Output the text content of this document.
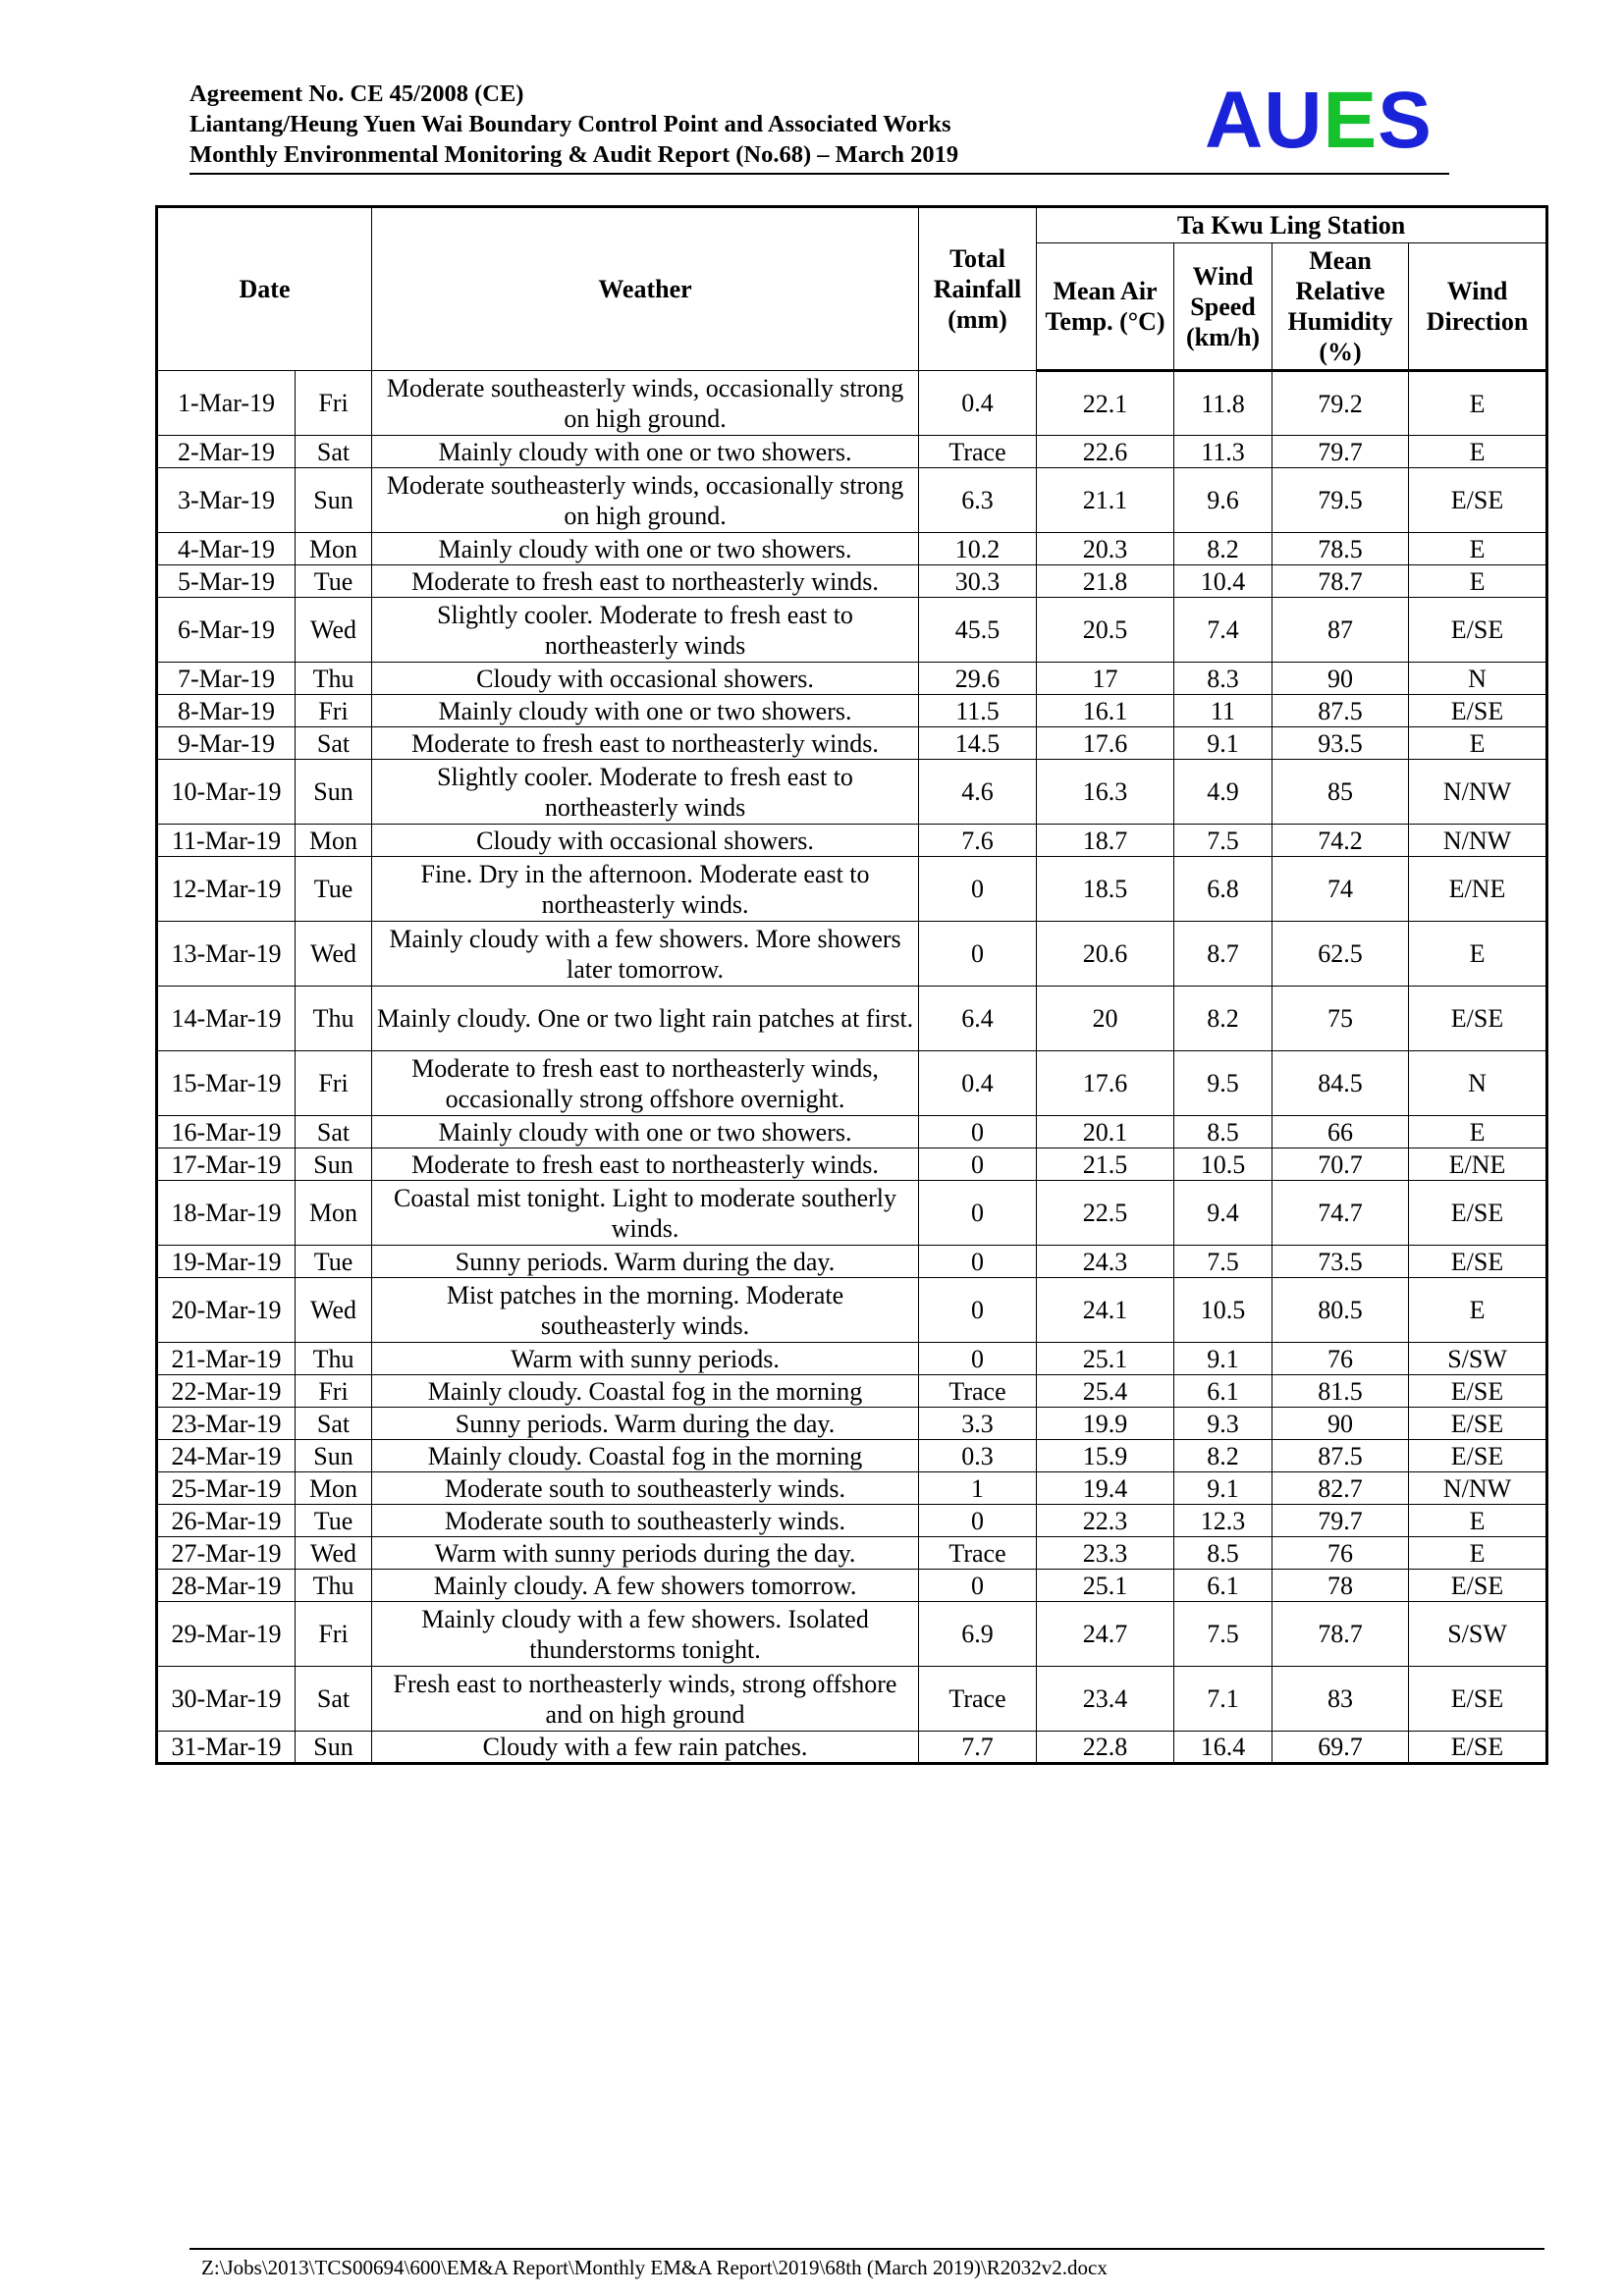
Agreement No. CE 45/2008 (CE)
Liantang/Heung Yuen Wai Boundary Control Point and Associated Works
Monthly Environmental Monitoring & Audit Report (No.68) – March 2019	AUES
Date		Weather	Total Rainfall (mm)	Ta Kwu Ling Station			
				Mean Air Temp. (°C)	Wind Speed (km/h)	Mean Relative Humidity (%)	Wind Direction
1-Mar-19	Fri	Moderate southeasterly winds, occasionally strong on high ground.	0.4	22.1	11.8	79.2	E
2-Mar-19	Sat	Mainly cloudy with one or two showers.	Trace	22.6	11.3	79.7	E
3-Mar-19	Sun	Moderate southeasterly winds, occasionally strong on high ground.	6.3	21.1	9.6	79.5	E/SE
4-Mar-19	Mon	Mainly cloudy with one or two showers.	10.2	20.3	8.2	78.5	E
5-Mar-19	Tue	Moderate to fresh east to northeasterly winds.	30.3	21.8	10.4	78.7	E
6-Mar-19	Wed	Slightly cooler. Moderate to fresh east to northeasterly winds	45.5	20.5	7.4	87	E/SE
7-Mar-19	Thu	Cloudy with occasional showers.	29.6	17	8.3	90	N
8-Mar-19	Fri	Mainly cloudy with one or two showers.	11.5	16.1	11	87.5	E/SE
9-Mar-19	Sat	Moderate to fresh east to northeasterly winds.	14.5	17.6	9.1	93.5	E
10-Mar-19	Sun	Slightly cooler. Moderate to fresh east to northeasterly winds	4.6	16.3	4.9	85	N/NW
11-Mar-19	Mon	Cloudy with occasional showers.	7.6	18.7	7.5	74.2	N/NW
12-Mar-19	Tue	Fine. Dry in the afternoon. Moderate east to northeasterly winds.	0	18.5	6.8	74	E/NE
13-Mar-19	Wed	Mainly cloudy with a few showers. More showers later tomorrow.	0	20.6	8.7	62.5	E
14-Mar-19	Thu	Mainly cloudy. One or two light rain patches at first.	6.4	20	8.2	75	E/SE
15-Mar-19	Fri	Moderate to fresh east to northeasterly winds, occasionally strong offshore overnight.	0.4	17.6	9.5	84.5	N
16-Mar-19	Sat	Mainly cloudy with one or two showers.	0	20.1	8.5	66	E
17-Mar-19	Sun	Moderate to fresh east to northeasterly winds.	0	21.5	10.5	70.7	E/NE
18-Mar-19	Mon	Coastal mist tonight. Light to moderate southerly winds.	0	22.5	9.4	74.7	E/SE
19-Mar-19	Tue	Sunny periods. Warm during the day.	0	24.3	7.5	73.5	E/SE
20-Mar-19	Wed	Mist patches in the morning. Moderate southeasterly winds.	0	24.1	10.5	80.5	E
21-Mar-19	Thu	Warm with sunny periods.	0	25.1	9.1	76	S/SW
22-Mar-19	Fri	Mainly cloudy. Coastal fog in the morning	Trace	25.4	6.1	81.5	E/SE
23-Mar-19	Sat	Sunny periods. Warm during the day.	3.3	19.9	9.3	90	E/SE
24-Mar-19	Sun	Mainly cloudy. Coastal fog in the morning	0.3	15.9	8.2	87.5	E/SE
25-Mar-19	Mon	Moderate south to southeasterly winds.	1	19.4	9.1	82.7	N/NW
26-Mar-19	Tue	Moderate south to southeasterly winds.	0	22.3	12.3	79.7	E
27-Mar-19	Wed	Warm with sunny periods during the day.	Trace	23.3	8.5	76	E
28-Mar-19	Thu	Mainly cloudy. A few showers tomorrow.	0	25.1	6.1	78	E/SE
29-Mar-19	Fri	Mainly cloudy with a few showers. Isolated thunderstorms tonight.	6.9	24.7	7.5	78.7	S/SW
30-Mar-19	Sat	Fresh east to northeasterly winds, strong offshore and on high ground	Trace	23.4	7.1	83	E/SE
31-Mar-19	Sun	Cloudy with a few rain patches.	7.7	22.8	16.4	69.7	E/SE
Z:\Jobs\2013\TCS00694\600\EM&A Report\Monthly EM&A Report\2019\68th (March 2019)\R2032v2.docx
